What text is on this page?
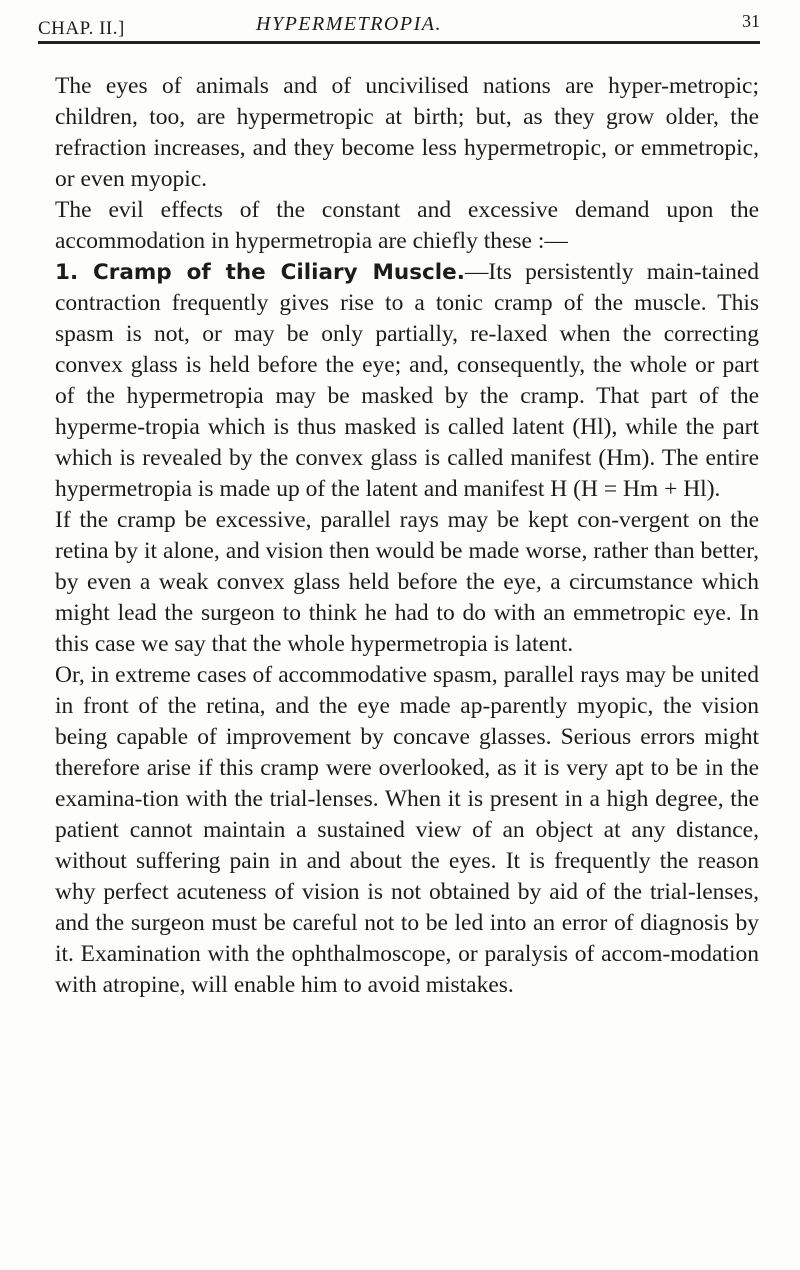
CHAP. II.]	HYPERMETROPIA.	31

The eyes of animals and of uncivilised nations are hyper-metropic; children, too, are hypermetropic at birth; but, as they grow older, the refraction increases, and they become less hypermetropic, or emmetropic, or even myopic.

The evil effects of the constant and excessive demand upon the accommodation in hypermetropia are chiefly these :—

1. Cramp of the Ciliary Muscle.—Its persistently main-tained contraction frequently gives rise to a tonic cramp of the muscle. This spasm is not, or may be only partially, re-laxed when the correcting convex glass is held before the eye; and, consequently, the whole or part of the hypermetropia may be masked by the cramp. That part of the hyperme-tropia which is thus masked is called latent (Hl), while the part which is revealed by the convex glass is called manifest (Hm). The entire hypermetropia is made up of the latent and manifest H (H = Hm + Hl).

If the cramp be excessive, parallel rays may be kept con-vergent on the retina by it alone, and vision then would be made worse, rather than better, by even a weak convex glass held before the eye, a circumstance which might lead the surgeon to think he had to do with an emmetropic eye. In this case we say that the whole hypermetropia is latent.

Or, in extreme cases of accommodative spasm, parallel rays may be united in front of the retina, and the eye made ap-parently myopic, the vision being capable of improvement by concave glasses. Serious errors might therefore arise if this cramp were overlooked, as it is very apt to be in the examina-tion with the trial-lenses. When it is present in a high degree, the patient cannot maintain a sustained view of an object at any distance, without suffering pain in and about the eyes. It is frequently the reason why perfect acuteness of vision is not obtained by aid of the trial-lenses, and the surgeon must be careful not to be led into an error of diagnosis by it. Examination with the ophthalmoscope, or paralysis of accom-modation with atropine, will enable him to avoid mistakes.
